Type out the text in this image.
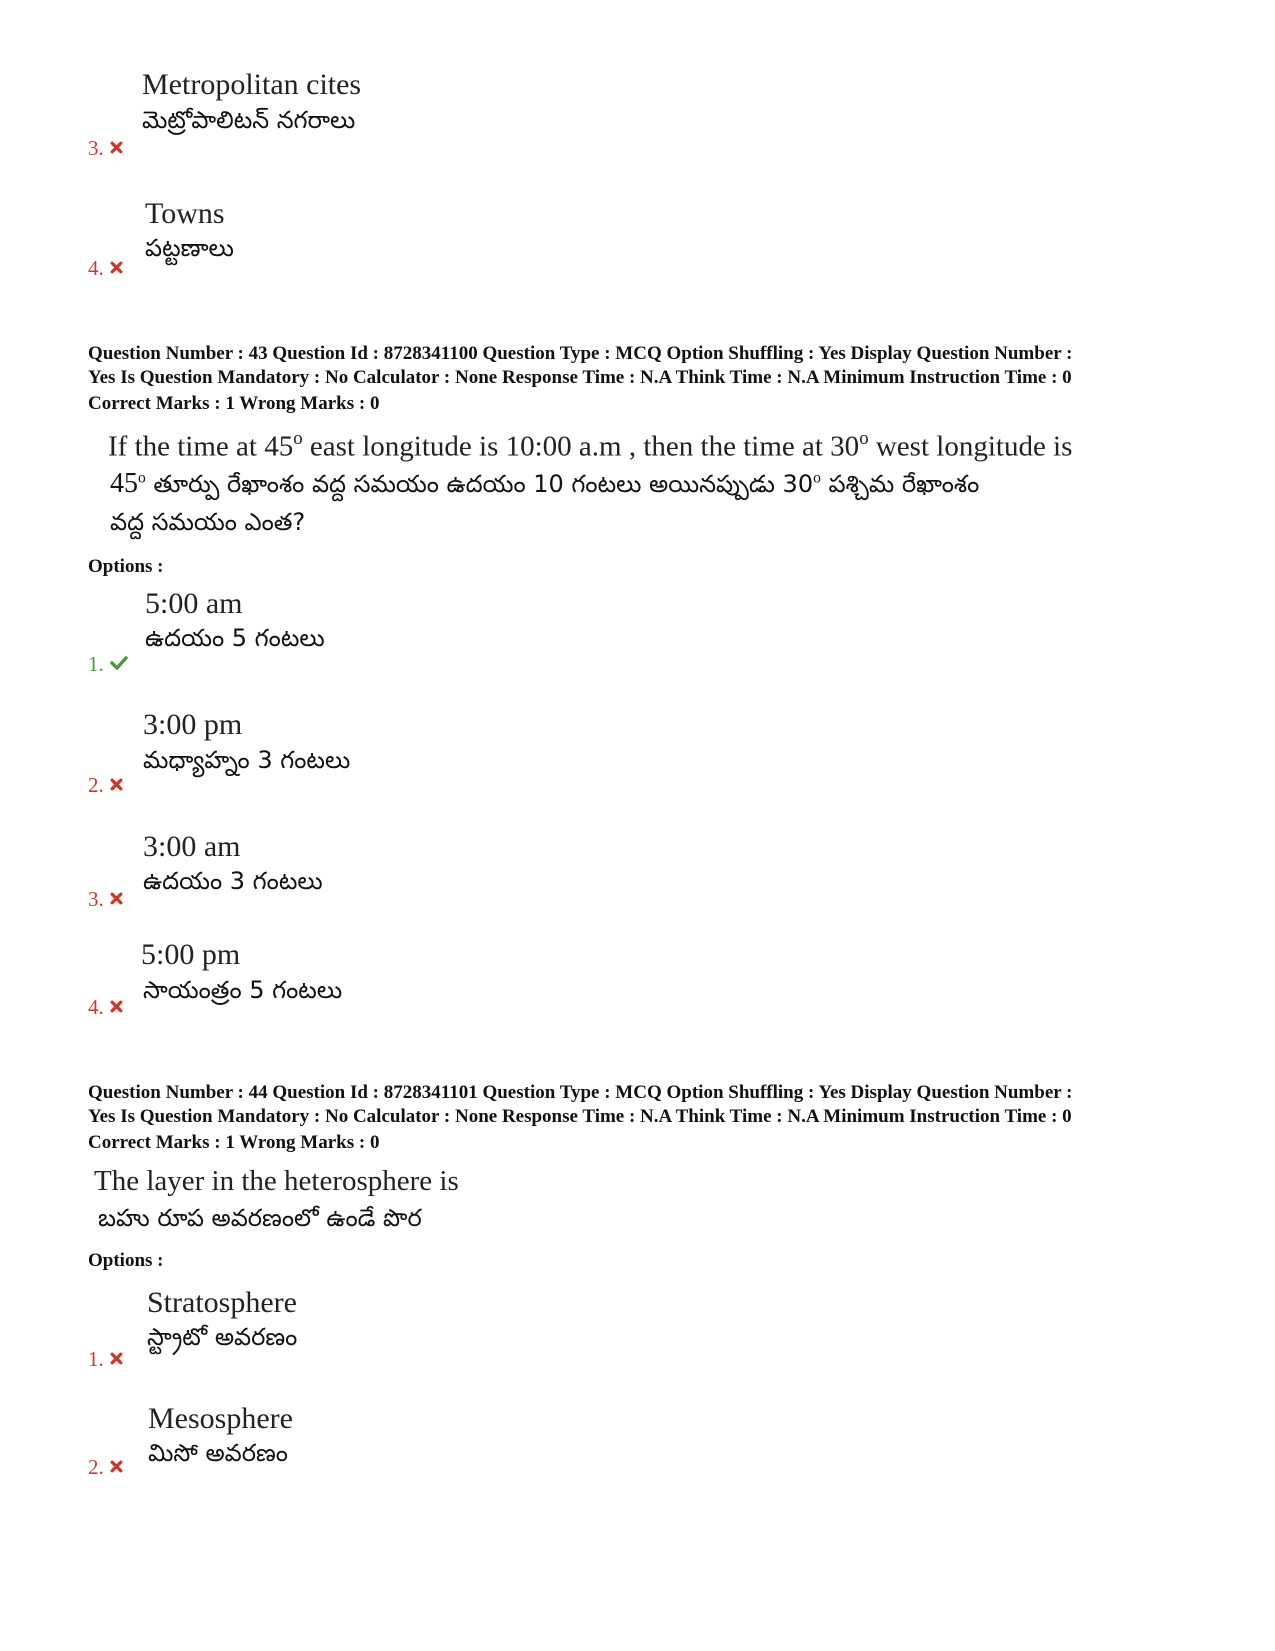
Metropolitan cites
మెట్రోపాలిటన్ నగరాలు
3.
Towns
పట్టణాలు
4.
Question Number : 43 Question Id : 8728341100 Question Type : MCQ Option Shuffling : Yes Display Question Number :
Yes Is Question Mandatory : No Calculator : None Response Time : N.A Think Time : N.A Minimum Instruction Time : 0
Correct Marks : 1 Wrong Marks : 0
If the time at 45$^o$ east longitude is 10:00 a.m , then the time at 30$^o$ west longitude is
45$^o$ తూర్పు రేఖాంశం వద్ద సమయం ఉదయం 10 గంటలు అయినప్పుడు 30$^o$ పశ్చిమ రేఖాంశం
వద్ద సమయం ఎంత?
Options :
5:00 am
ఉదయం 5 గంటలు
1.
3:00 pm
మధ్యాహ్నం 3 గంటలు
2.
3:00 am
ఉదయం 3 గంటలు
3.
5:00 pm
సాయంత్రం 5 గంటలు
4.
Question Number : 44 Question Id : 8728341101 Question Type : MCQ Option Shuffling : Yes Display Question Number :
Yes Is Question Mandatory : No Calculator : None Response Time : N.A Think Time : N.A Minimum Instruction Time : 0
Correct Marks : 1 Wrong Marks : 0
The layer in the heterosphere is
బహు రూప అవరణంలో ఉండే పొర
Options :
Stratosphere
స్ట్రాటో అవరణం
1.
Mesosphere
మిసో అవరణం
2.
